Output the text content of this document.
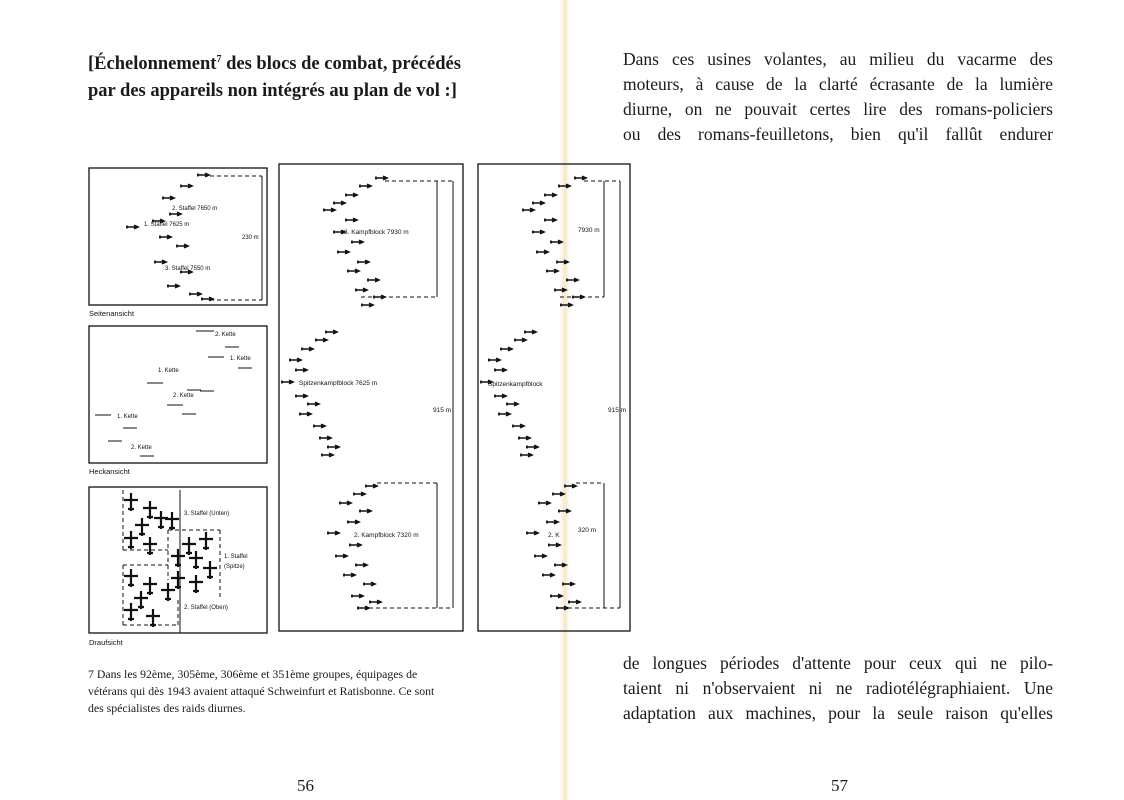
[Échelonnement$^7$ des blocs de combat, précédés
par des appareils non intégrés au plan de vol :]
2. Staffel 7650 m
1. Staffel 7625 m
3. Staffel 7550 m
230 m
Seitenansicht
2. Kette
1. Kette
1. Kette
2. Kette
1. Kette
2. Kette
Heckansicht
3. Staffel (Unten)
1. Staffel
(Spitze)
2. Staffel (Oben)
Draufsicht
3. Kampfblock 7930 m
Spitzenkampfblock 7625 m
2. Kampfblock 7320 m
915 m
7930 m
Spitzenkampfblock
2. K
320 m
915 m
7 Dans les 92ème, 305ème, 306ème et 351ème groupes, équipages de
vétérans qui dès 1943 avaient attaqué Schweinfurt et Ratisbonne. Ce sont
des spécialistes des raids diurnes.
56
Dans ces usines volantes, au milieu du vacarme des
moteurs, à cause de la clarté écrasante de la lumière
diurne, on ne pouvait certes lire des romans-policiers
ou des romans-feuilletons, bien qu'il fallût endurer
de longues périodes d'attente pour ceux qui ne pilo-
taient ni n'observaient ni ne radiotélégraphiaient. Une
adaptation aux machines, pour la seule raison qu'elles
57
